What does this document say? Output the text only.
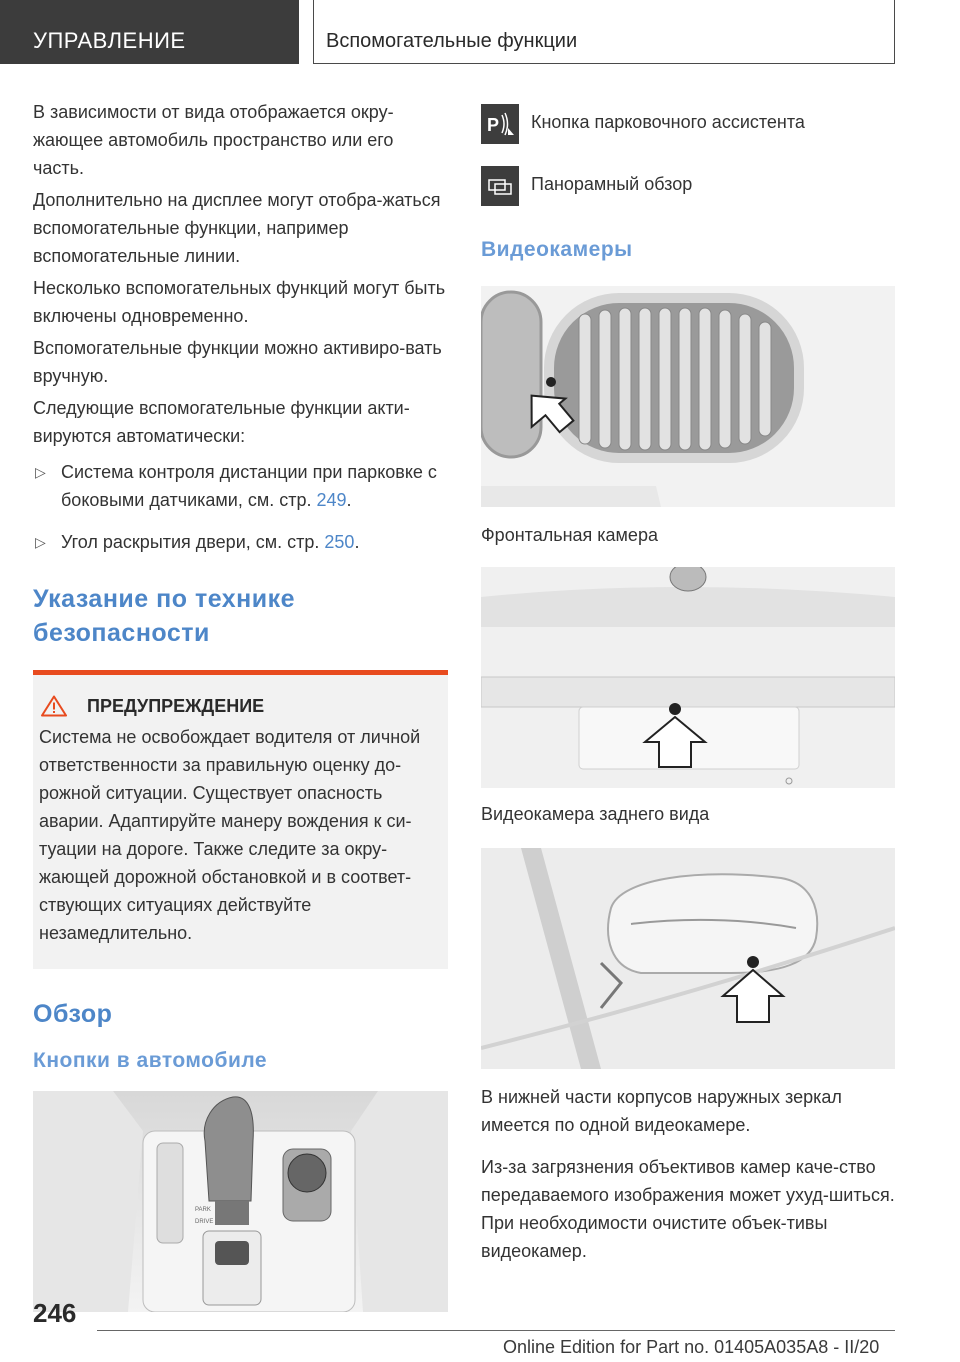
УПРАВЛЕНИЕ	Вспомогательные функции

В зависимости от вида отображается окру-жающее автомобиль пространство или его часть.

Дополнительно на дисплее могут отобра-жаться вспомогательные функции, например вспомогательные линии.

Несколько вспомогательных функций могут быть включены одновременно.

Вспомогательные функции можно активиро-вать вручную.

Следующие вспомогательные функции акти-вируются автоматически:

▷ Система контроля дистанции при парковке с боковыми датчиками, см. стр. 249.
▷ Угол раскрытия двери, см. стр. 250.
Указание по технике безопасности
ПРЕДУПРЕЖДЕНИЕ

Система не освобождает водителя от личной ответственности за правильную оценку до-рожной ситуации. Существует опасность аварии. Адаптируйте манеру вождения к си-туации на дороге. Также следите за окру-жающей дорожной обстановкой и в соответ-ствующих ситуациях действуйте незамедлительно.

Обзор
Кнопки в автомобиле
PARK
DRIVE
P Кнопка парковочного ассистента
Панорамный обзор
Видеокамеры

Фронтальная камера

Видеокамера заднего вида

В нижней части корпусов наружных зеркал имеется по одной видеокамере.

Из-за загрязнения объективов камер каче-ство передаваемого изображения может ухуд-шиться. При необходимости очистите объек-тивы видеокамер.

246
Online Edition for Part no. 01405A035A8 - II/20
